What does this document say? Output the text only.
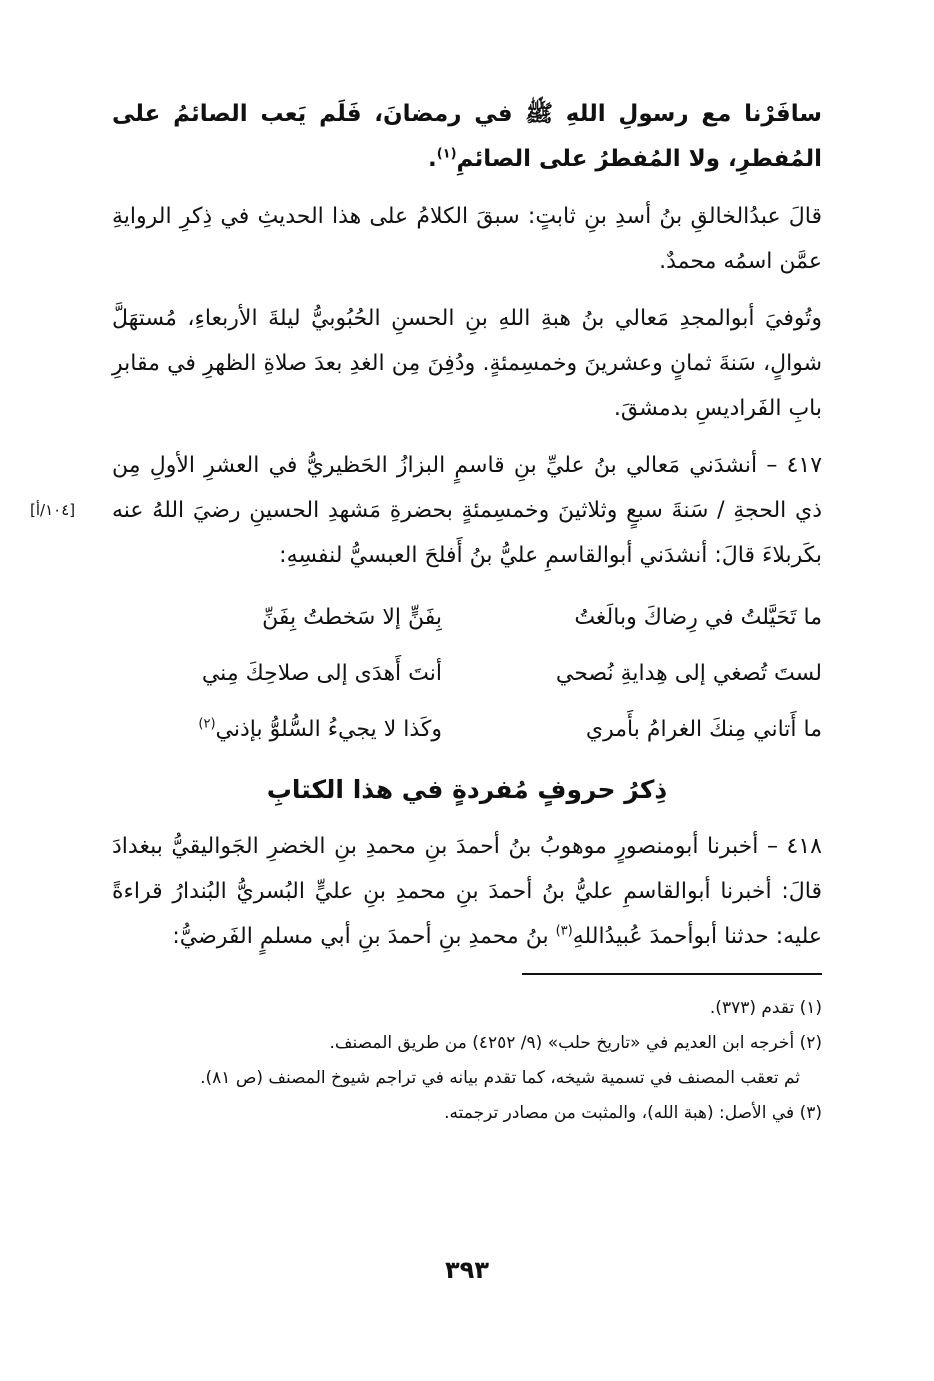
سافَرْنا مع رسولِ اللهِ ﷺ في رمضانَ، فَلَم يَعب الصائمُ على المُفطرِ، ولا المُفطرُ على الصائمِ$^{(١)}$.
قالَ عبدُالخالقِ بنُ أسدِ بنِ ثابتٍ: سبقَ الكلامُ على هذا الحديثِ في ذِكرِ الروايةِ عمَّن اسمُه محمدٌ.
وتُوفيَ أبوالمجدِ مَعالي بنُ هبةِ اللهِ بنِ الحسنِ الحُبُوبيُّ ليلةَ الأربعاءِ، مُستهَلَّ شوالٍ، سَنةَ ثمانٍ وعشرينَ وخمسِمئةٍ. ودُفِنَ مِن الغدِ بعدَ صلاةِ الظهرِ في مقابرِ بابِ الفَراديسِ بدمشقَ.
[١٠٤/أ]
٤١٧ – أنشدَني مَعالي بنُ عليِّ بنِ قاسمٍ البزازُ الحَظيريُّ في العشرِ الأولِ مِن ذي الحجةِ / سَنةَ سبعٍ وثلاثينَ وخمسِمئةٍ بحضرةِ مَشهدِ الحسينِ رضيَ اللهُ عنه بكَربلاءَ قالَ: أنشدَني أبوالقاسمِ عليُّ بنُ أَفلحَ العبسيُّ لنفسِهِ:
ما تَحَيَّلتُ في رِضاكَ وبالَغتُ
بِفَنٍّ إلا سَخطتُ بِفَنِّ
لستَ تُصغي إلى هِدايةِ نُصحي
أنتَ أَهدَى إلى صلاحِكَ مِني
ما أَتاني مِنكَ الغرامُ بأَمري
وكَذا لا يجيءُ السُّلوُّ بإذني$^{(٢)}$
ذِكرُ حروفٍ مُفردةٍ في هذا الكتابِ
٤١٨ – أخبرنا أبومنصورٍ موهوبُ بنُ أحمدَ بنِ محمدِ بنِ الخضرِ الجَواليقيُّ ببغدادَ قالَ: أخبرنا أبوالقاسمِ عليُّ بنُ أحمدَ بنِ محمدِ بنِ عليٍّ البُسريُّ البُندارُ قراءةً عليه: حدثنا أبوأحمدَ عُبيدُاللهِ$^{(٣)}$ بنُ محمدِ بنِ أحمدَ بنِ أبي مسلمٍ الفَرضيُّ:

(١) تقدم (٣٧٣).

(٢) أخرجه ابن العديم في «تاريخ حلب» (٩/ ٤٢٥٢) من طريق المصنف.

ثم تعقب المصنف في تسمية شيخه، كما تقدم بيانه في تراجم شيوخ المصنف (ص ٨١).

(٣) في الأصل: (هبة الله)، والمثبت من مصادر ترجمته.

٣٩٣
